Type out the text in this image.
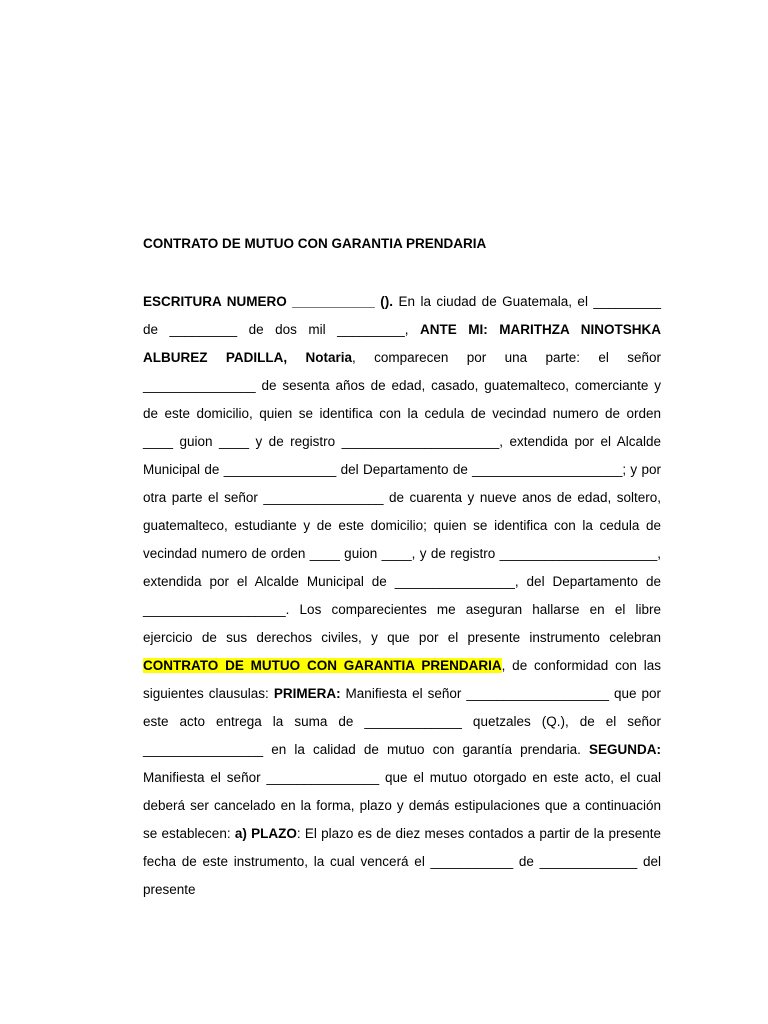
CONTRATO DE MUTUO CON GARANTIA PRENDARIA

ESCRITURA NUMERO ___________ (). En la ciudad de Guatemala, el _________ de _________ de dos mil _________, ANTE MI: MARITHZA NINOTSHKA ALBUREZ PADILLA, Notaria, comparecen por una parte: el señor _______________ de sesenta años de edad, casado, guatemalteco, comerciante y de este domicilio, quien se identifica con la cedula de vecindad numero de orden ____ guion ____ y de registro _____________________, extendida por el Alcalde Municipal de _______________ del Departamento de ____________________; y por otra parte el señor ________________ de cuarenta y nueve anos de edad, soltero, guatemalteco, estudiante y de este domicilio; quien se identifica con la cedula de vecindad numero de orden ____ guion ____, y de registro _____________________, extendida por el Alcalde Municipal de ________________, del Departamento de ___________________. Los comparecientes me aseguran hallarse en el libre ejercicio de sus derechos civiles, y que por el presente instrumento celebran CONTRATO DE MUTUO CON GARANTIA PRENDARIA, de conformidad con las siguientes clausulas: PRIMERA: Manifiesta el señor ___________________ que por este acto entrega la suma de _____________ quetzales (Q.), de el señor ________________ en la calidad de mutuo con garantía prendaria. SEGUNDA: Manifiesta el señor _______________ que el mutuo otorgado en este acto, el cual deberá ser cancelado en la forma, plazo y demás estipulaciones que a continuación se establecen: a) PLAZO: El plazo es de diez meses contados a partir de la presente fecha de este instrumento, la cual vencerá el ___________ de _____________ del presente
